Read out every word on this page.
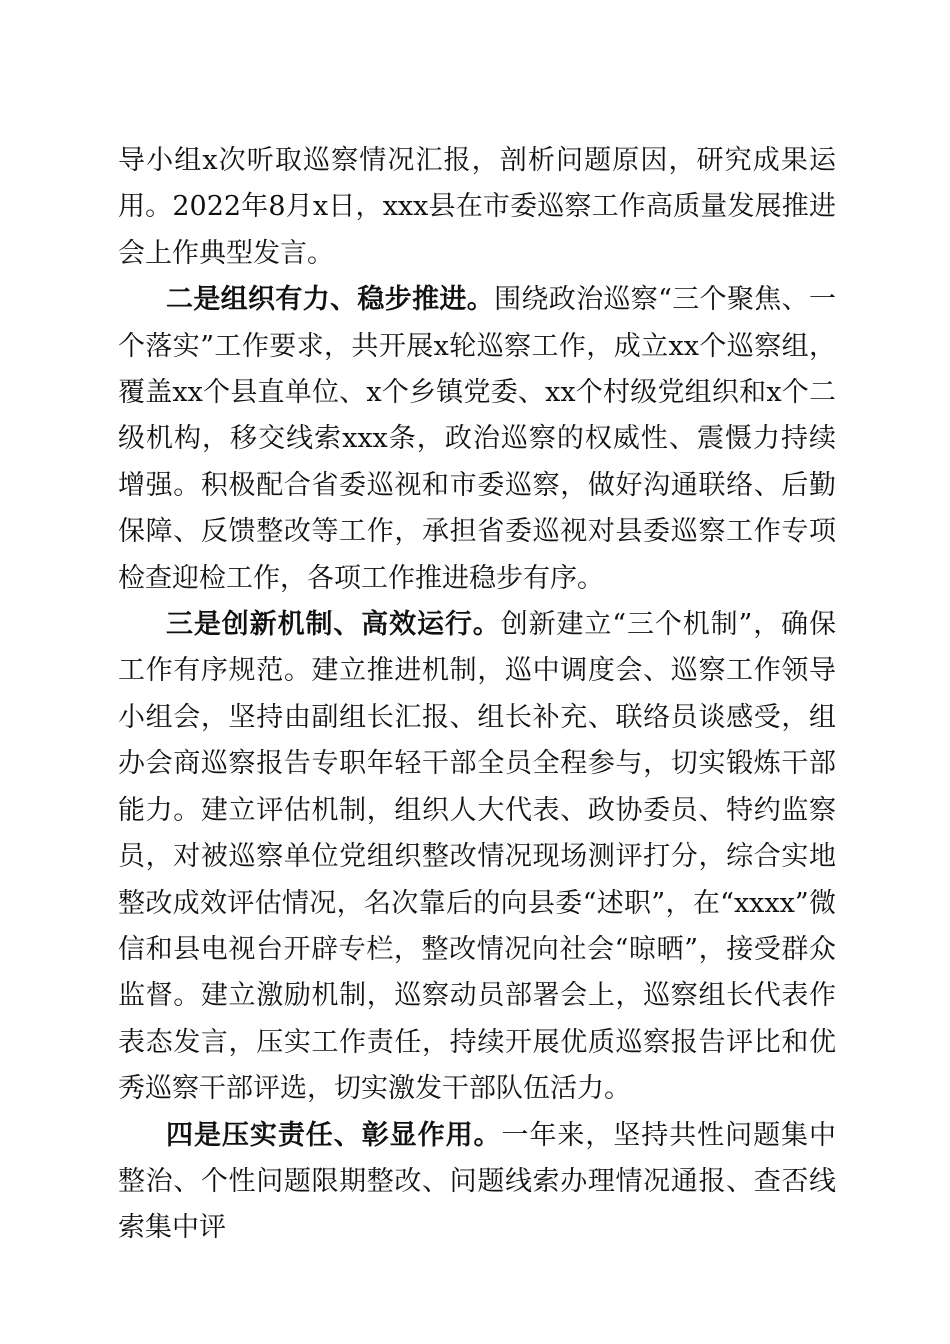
导小组x次听取巡察情况汇报，剖析问题原因，研究成果运用。2022年8月x日，xxx县在市委巡察工作高质量发展推进会上作典型发言。

二是组织有力、稳步推进。围绕政治巡察“三个聚焦、一个落实”工作要求，共开展x轮巡察工作，成立xx个巡察组，覆盖xx个县直单位、x个乡镇党委、xx个村级党组织和x个二级机构，移交线索xxx条，政治巡察的权威性、震慑力持续增强。积极配合省委巡视和市委巡察，做好沟通联络、后勤保障、反馈整改等工作，承担省委巡视对县委巡察工作专项检查迎检工作，各项工作推进稳步有序。

三是创新机制、高效运行。创新建立“三个机制”，确保工作有序规范。建立推进机制，巡中调度会、巡察工作领导小组会，坚持由副组长汇报、组长补充、联络员谈感受，组办会商巡察报告专职年轻干部全员全程参与，切实锻炼干部能力。建立评估机制，组织人大代表、政协委员、特约监察员，对被巡察单位党组织整改情况现场测评打分，综合实地整改成效评估情况，名次靠后的向县委“述职”，在“xxxx”微信和县电视台开辟专栏，整改情况向社会“晾晒”，接受群众监督。建立激励机制，巡察动员部署会上，巡察组长代表作表态发言，压实工作责任，持续开展优质巡察报告评比和优秀巡察干部评选，切实激发干部队伍活力。

四是压实责任、彰显作用。一年来，坚持共性问题集中整治、个性问题限期整改、问题线索办理情况通报、查否线索集中评
